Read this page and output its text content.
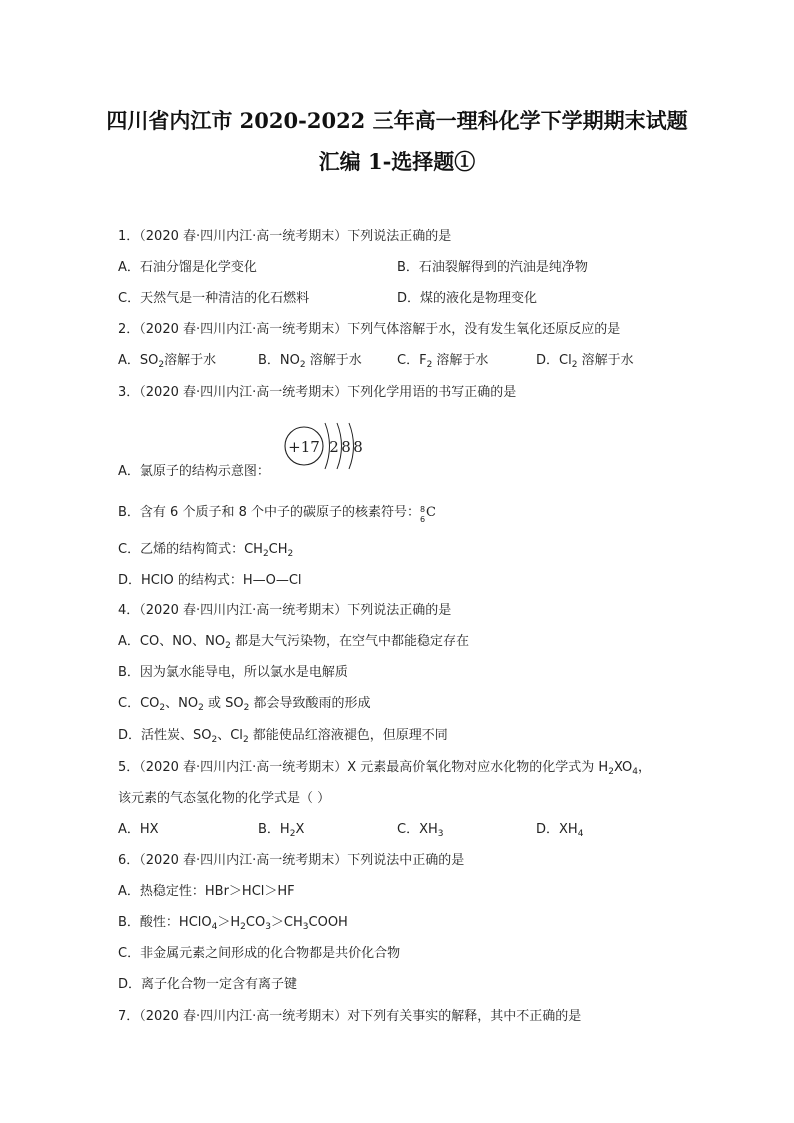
四川省内江市 2020-2022 三年高一理科化学下学期期末试题
汇编 1-选择题①
1．（2020 春·四川内江·高一统考期末）下列说法正确的是
A．石油分馏是化学变化	B．石油裂解得到的汽油是纯净物
C．天然气是一种清洁的化石燃料	D．煤的液化是物理变化
2．（2020 春·四川内江·高一统考期末）下列气体溶解于水，没有发生氧化还原反应的是
A．$SO_2$溶解于水	B．$NO_2$ 溶解于水	C．$F_2$ 溶解于水	D．$Cl_2$ 溶解于水
3．（2020 春·四川内江·高一统考期末）下列化学用语的书写正确的是
+17 2 8 8
A．氯原子的结构示意图：
B．含有 6 个质子和 8 个中子的碳原子的核素符号： 8
6 C
C．乙烯的结构简式：$CH_2CH_2$
D．HClO 的结构式：H—O—Cl
4．（2020 春·四川内江·高一统考期末）下列说法正确的是
A．CO、NO、$NO_2$ 都是大气污染物，在空气中都能稳定存在
B．因为氯水能导电，所以氯水是电解质
C．$CO_2$、$NO_2$ 或 $SO_2$ 都会导致酸雨的形成
D．活性炭、$SO_2$、$Cl_2$ 都能使品红溶液褪色，但原理不同
5．（2020 春·四川内江·高一统考期末）X 元素最高价氧化物对应水化物的化学式为 $H_2XO_4$，
该元素的气态氢化物的化学式是（ ）
A．HX	B．$H_2X$	C．$XH_3$	D．$XH_4$
6．（2020 春·四川内江·高一统考期末）下列说法中正确的是
A．热稳定性：HBr＞HCl＞HF
B．酸性：$HClO_4>H_2CO_3>CH_3COOH$
C．非金属元素之间形成的化合物都是共价化合物
D．离子化合物一定含有离子键
7．（2020 春·四川内江·高一统考期末）对下列有关事实的解释，其中不正确的是
